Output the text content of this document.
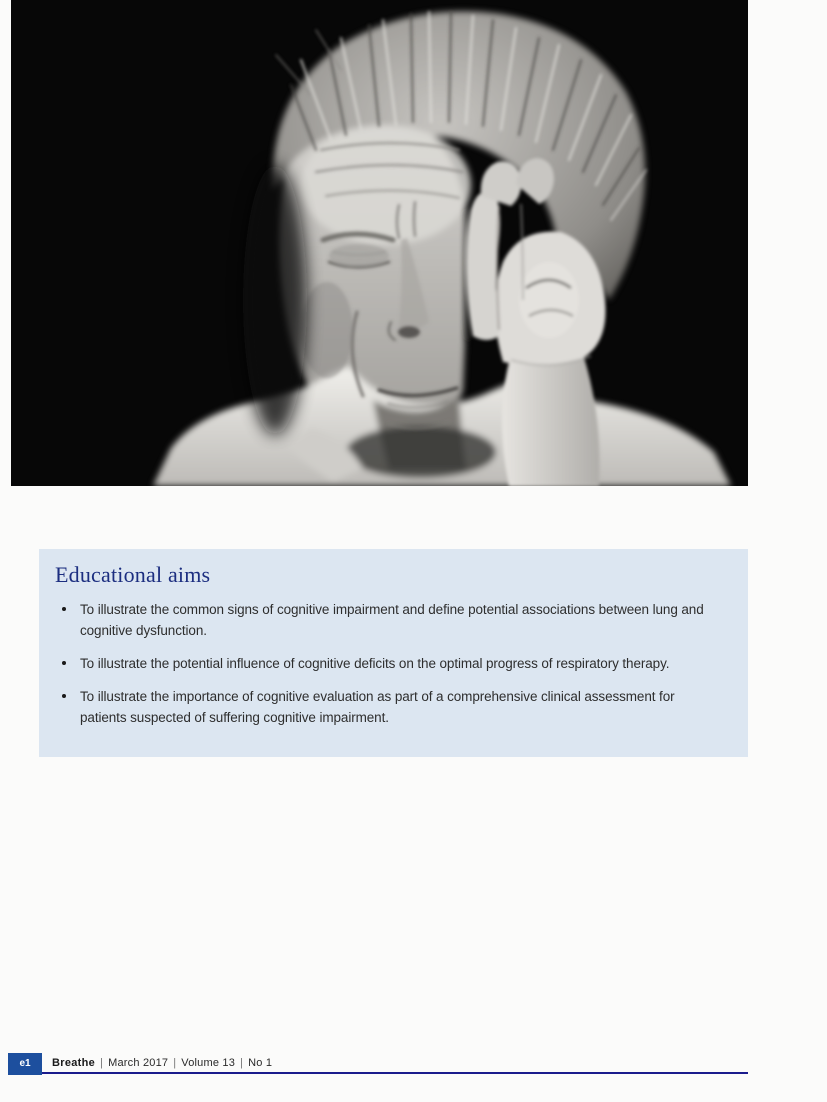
Educational aims
To illustrate the common signs of cognitive impairment and define potential associations between lung and cognitive dysfunction.
To illustrate the potential influence of cognitive deficits on the optimal progress of respiratory therapy.
To illustrate the importance of cognitive evaluation as part of a comprehensive clinical assessment for patients suspected of suffering cognitive impairment.
e1	Breathe | March 2017 | Volume 13 | No 1
